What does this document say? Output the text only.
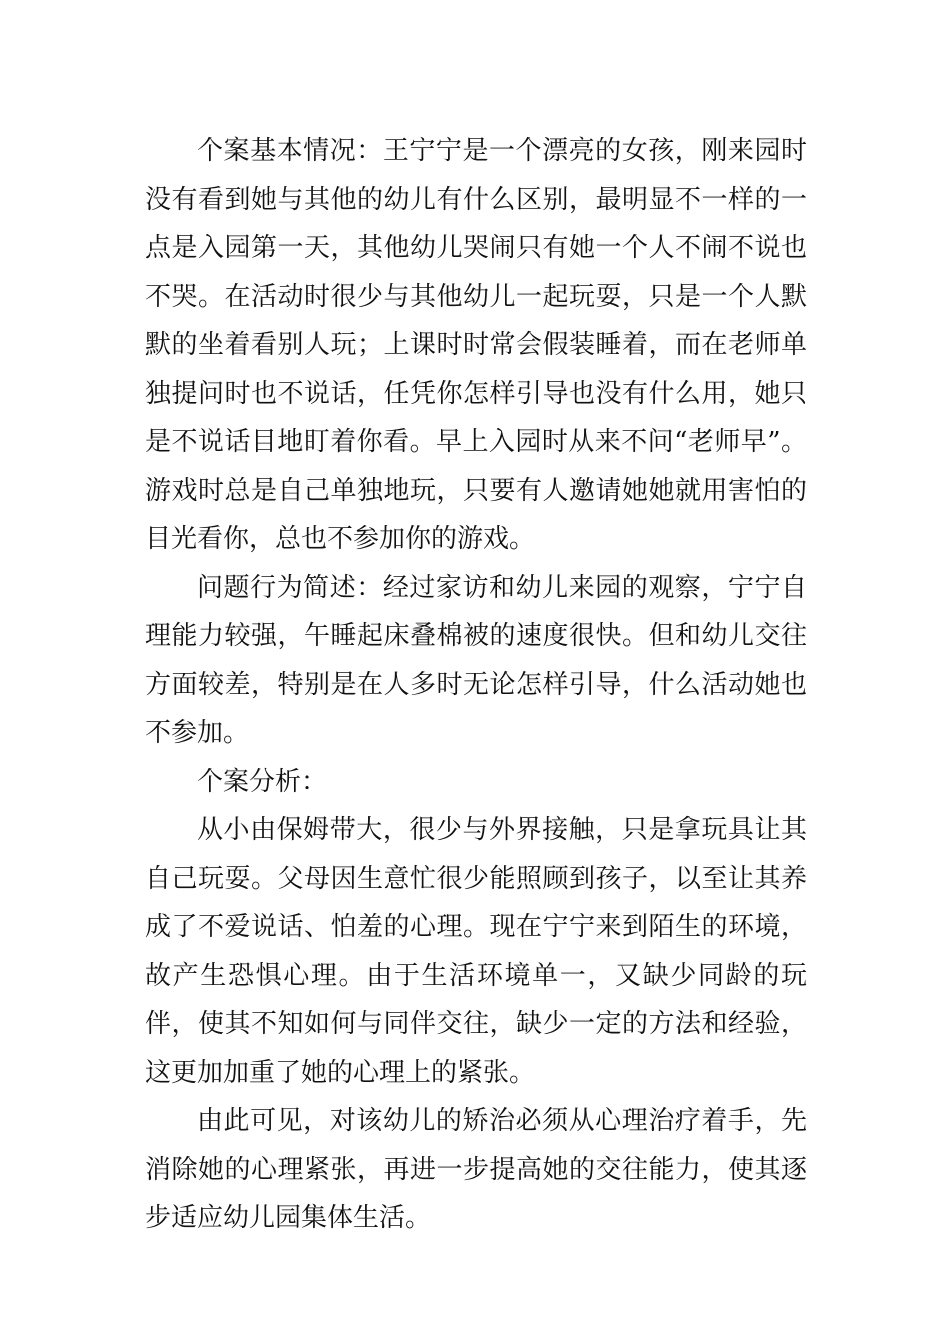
个案基本情况：王宁宁是一个漂亮的女孩，刚来园时没有看到她与其他的幼儿有什么区别，最明显不一样的一点是入园第一天，其他幼儿哭闹只有她一个人不闹不说也不哭。在活动时很少与其他幼儿一起玩耍，只是一个人默默的坐着看别人玩；上课时时常会假装睡着，而在老师单独提问时也不说话，任凭你怎样引导也没有什么用，她只是不说话目地盯着你看。早上入园时从来不问“老师早”。游戏时总是自己单独地玩，只要有人邀请她她就用害怕的目光看你，总也不参加你的游戏。

问题行为简述：经过家访和幼儿来园的观察，宁宁自理能力较强，午睡起床叠棉被的速度很快。但和幼儿交往方面较差，特别是在人多时无论怎样引导，什么活动她也不参加。

个案分析：

从小由保姆带大，很少与外界接触，只是拿玩具让其自己玩耍。父母因生意忙很少能照顾到孩子，以至让其养成了不爱说话、怕羞的心理。现在宁宁来到陌生的环境，故产生恐惧心理。由于生活环境单一，又缺少同龄的玩伴，使其不知如何与同伴交往，缺少一定的方法和经验，这更加加重了她的心理上的紧张。

由此可见，对该幼儿的矫治必须从心理治疗着手，先消除她的心理紧张，再进一步提高她的交往能力，使其逐步适应幼儿园集体生活。
